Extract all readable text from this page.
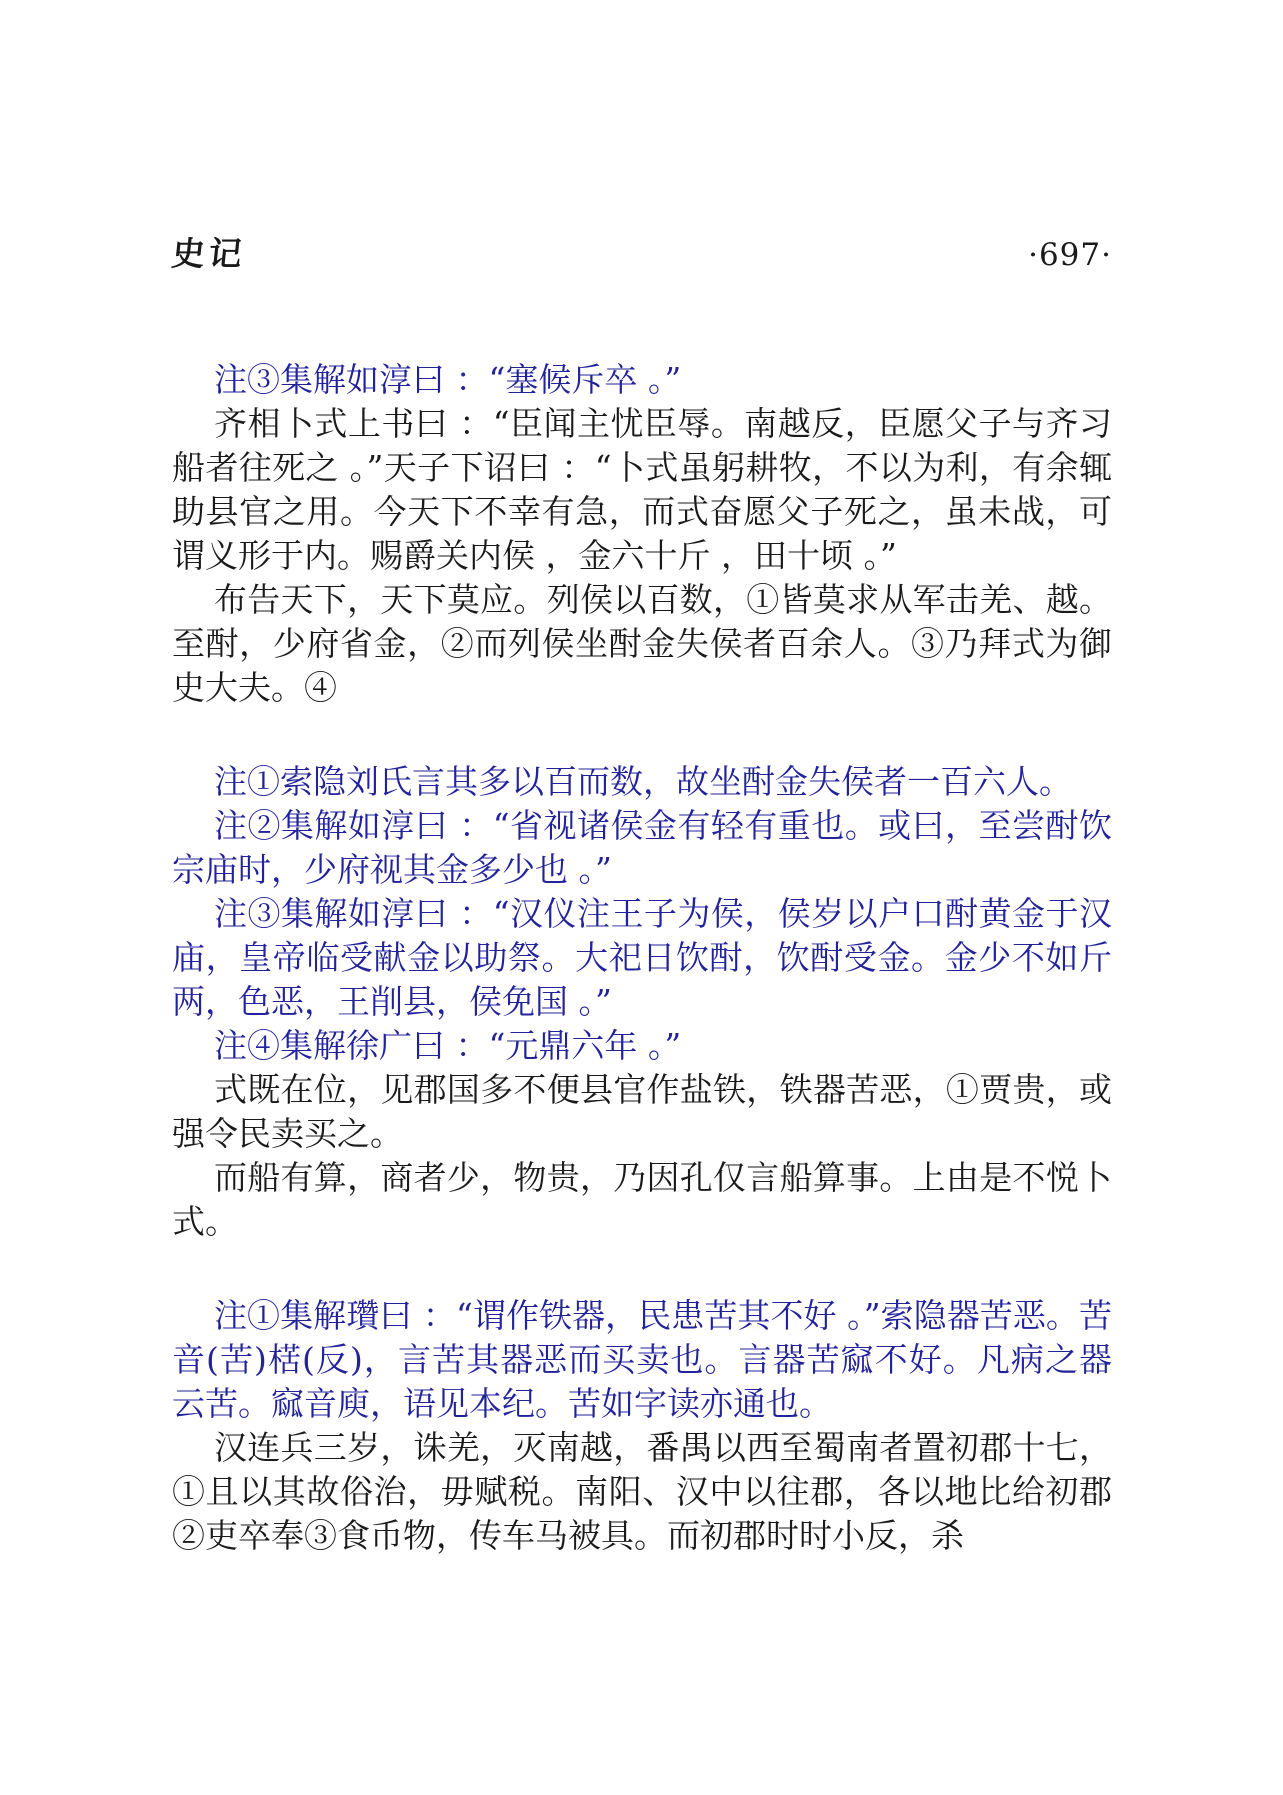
史记	·697·

注③集解如淳曰 ：“塞候斥卒 。”

齐相卜式上书曰 ：“臣闻主忧臣辱。南越反，臣愿父子与齐习船者往死之 。”天子下诏曰 ：“卜式虽躬耕牧，不以为利，有余辄助县官之用。今天下不幸有急，而式奋愿父子死之，虽未战，可谓义形于内。赐爵关内侯 ，金六十斤 ，田十顷 。”

布告天下，天下莫应。列侯以百数，①皆莫求从军击羌、越。至酎，少府省金，②而列侯坐酎金失侯者百余人。③乃拜式为御史大夫。④

注①索隐刘氏言其多以百而数，故坐酎金失侯者一百六人。

注②集解如淳曰 ：“省视诸侯金有轻有重也。或曰，至尝酎饮宗庙时，少府视其金多少也 。”

注③集解如淳曰 ：“汉仪注王子为侯，侯岁以户口酎黄金于汉庙，皇帝临受献金以助祭。大祀日饮酎，饮酎受金。金少不如斤两，色恶，王削县，侯免国 。”

注④集解徐广曰 ：“元鼎六年 。”

式既在位，见郡国多不便县官作盐铁，铁器苦恶，①贾贵，或强令民卖买之。

而船有算，商者少，物贵，乃因孔仅言船算事。上由是不悦卜式。

注①集解瓚曰 ：“谓作铁器，民患苦其不好 。”索隐器苦恶。苦音(苦)楛(反)，言苦其器恶而买卖也。言器苦窳不好。凡病之器云苦。窳音庾，语见本纪。苦如字读亦通也。

汉连兵三岁，诛羌，灭南越，番禺以西至蜀南者置初郡十七，①且以其故俗治，毋赋税。南阳、汉中以往郡，各以地比给初郡②吏卒奉③食币物，传车马被具。而初郡时时小反，杀
